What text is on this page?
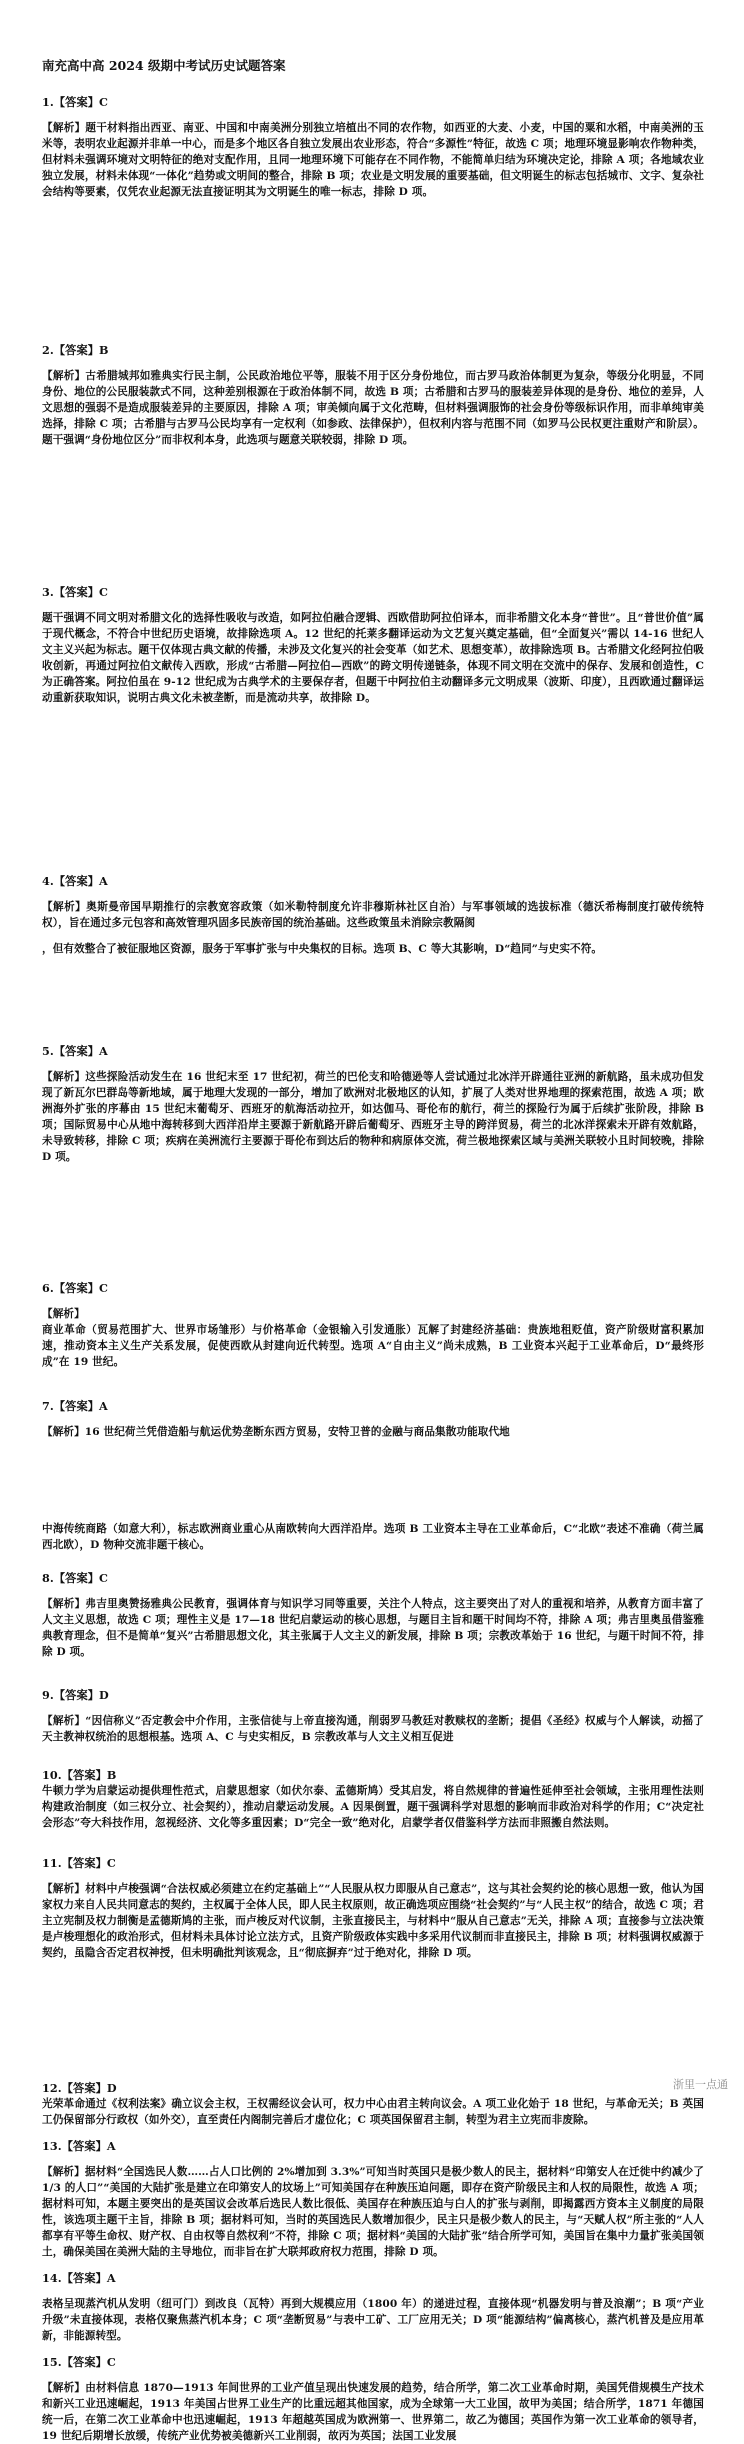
南充高中高 2024 级期中考试历史试题答案
1.【答案】C
【解析】题干材料指出西亚、南亚、中国和中南美洲分别独立培植出不同的农作物，如西亚的大麦、小麦，中国的粟和水稻，中南美洲的玉米等，表明农业起源并非单一中心，而是多个地区各自独立发展出农业形态，符合“多源性”特征，故选 C 项；地理环境显影响农作物种类，但材料未强调环境对文明特征的绝对支配作用，且同一地理环境下可能存在不同作物，不能简单归结为环境决定论，排除 A 项；各地域农业独立发展，材料未体现“一体化”趋势或文明间的整合，排除 B 项；农业是文明发展的重要基础，但文明诞生的标志包括城市、文字、复杂社会结构等要素，仅凭农业起源无法直接证明其为文明诞生的唯一标志，排除 D 项。
2.【答案】B
【解析】古希腊城邦如雅典实行民主制，公民政治地位平等，服装不用于区分身份地位，而古罗马政治体制更为复杂，等级分化明显，不同身份、地位的公民服装款式不同，这种差别根源在于政治体制不同，故选 B 项；古希腊和古罗马的服装差异体现的是身份、地位的差异，人文思想的强弱不是造成服装差异的主要原因，排除 A 项；审美倾向属于文化范畴，但材料强调服饰的社会身份等级标识作用，而非单纯审美选择，排除 C 项；古希腊与古罗马公民均享有一定权利（如参政、法律保护），但权利内容与范围不同（如罗马公民权更注重财产和阶层）。题干强调“身份地位区分”而非权利本身，此选项与题意关联较弱，排除 D 项。
3.【答案】C
题干强调不同文明对希腊文化的选择性吸收与改造，如阿拉伯融合逻辑、西欧借助阿拉伯译本，而非希腊文化本身“普世”。且“普世价值”属于现代概念，不符合中世纪历史语境，故排除选项 A。12 世纪的托莱多翻译运动为文艺复兴奠定基础，但“全面复兴”需以 14-16 世纪人文主义兴起为标志。题干仅体现古典文献的传播，未涉及文化复兴的社会变革（如艺术、思想变革），故排除选项 B。古希腊文化经阿拉伯吸收创新，再通过阿拉伯文献传入西欧，形成“古希腊—阿拉伯—西欧”的跨文明传递链条，体现不同文明在交流中的保存、发展和创造性，C 为正确答案。阿拉伯虽在 9-12 世纪成为古典学术的主要保存者，但题干中阿拉伯主动翻译多元文明成果（波斯、印度），且西欧通过翻译运动重新获取知识，说明古典文化未被垄断，而是流动共享，故排除 D。
4.【答案】A
【解析】奥斯曼帝国早期推行的宗教宽容政策（如米勒特制度允许非穆斯林社区自治）与军事领域的选拔标准（德沃希梅制度打破传统特权），旨在通过多元包容和高效管理巩固多民族帝国的统治基础。这些政策虽未消除宗教隔阂
，但有效整合了被征服地区资源，服务于军事扩张与中央集权的目标。选项 B、C 等大其影响，D“趋同”与史实不符。
5.【答案】A
【解析】这些探险活动发生在 16 世纪末至 17 世纪初，荷兰的巴伦支和哈德逊等人尝试通过北冰洋开辟通往亚洲的新航路，虽未成功但发现了新瓦尔巴群岛等新地域，属于地理大发现的一部分，增加了欧洲对北极地区的认知，扩展了人类对世界地理的探索范围，故选 A 项；欧洲海外扩张的序幕由 15 世纪末葡萄牙、西班牙的航海活动拉开，如达伽马、哥伦布的航行，荷兰的探险行为属于后续扩张阶段，排除 B 项；国际贸易中心从地中海转移到大西洋沿岸主要源于新航路开辟后葡萄牙、西班牙主导的跨洋贸易，荷兰的北冰洋探索未开辟有效航路，未导致转移，排除 C 项；疾病在美洲流行主要源于哥伦布到达后的物种和病原体交流，荷兰极地探索区域与美洲关联较小且时间较晚，排除 D 项。
6.【答案】C
【解析】
商业革命（贸易范围扩大、世界市场雏形）与价格革命（金银输入引发通胀）瓦解了封建经济基础：贵族地租贬值，资产阶级财富积累加速，推动资本主义生产关系发展，促使西欧从封建向近代转型。选项 A“自由主义”尚未成熟，B 工业资本兴起于工业革命后，D“最终形成”在 19 世纪。
7.【答案】A
【解析】16 世纪荷兰凭借造船与航运优势垄断东西方贸易，安特卫普的金融与商品集散功能取代地
中海传统商路（如意大利），标志欧洲商业重心从南欧转向大西洋沿岸。选项 B 工业资本主导在工业革命后，C“北欧”表述不准确（荷兰属西北欧），D 物种交流非题干核心。
8.【答案】C
【解析】弗吉里奥赞扬雅典公民教育，强调体育与知识学习同等重要，关注个人特点，这主要突出了对人的重视和培养，从教育方面丰富了人文主义思想，故选 C 项；理性主义是 17—18 世纪启蒙运动的核心思想，与题目主旨和题干时间均不符，排除 A 项；弗吉里奥虽借鉴雅典教育理念，但不是简单“复兴”古希腊思想文化，其主张属于人文主义的新发展，排除 B 项；宗教改革始于 16 世纪，与题干时间不符，排除 D 项。
9.【答案】D
【解析】“因信称义”否定教会中介作用，主张信徒与上帝直接沟通，削弱罗马教廷对教赎权的垄断；提倡《圣经》权威与个人解读，动摇了天主教神权统治的思想根基。选项 A、C 与史实相反，B 宗教改革与人文主义相互促进
10.【答案】B
牛顿力学为启蒙运动提供理性范式，启蒙思想家（如伏尔泰、孟德斯鸠）受其启发，将自然规律的普遍性延伸至社会领域，主张用理性法则构建政治制度（如三权分立、社会契约），推动启蒙运动发展。A 因果倒置，题干强调科学对思想的影响而非政治对科学的作用；C“决定社会形态”夸大科技作用，忽视经济、文化等多重因素；D“完全一致”绝对化，启蒙学者仅借鉴科学方法而非照搬自然法则。
11.【答案】C
【解析】材料中卢梭强调“合法权威必须建立在约定基础上”“人民服从权力即服从自己意志”，这与其社会契约论的核心思想一致，他认为国家权力来自人民共同意志的契约，主权属于全体人民，即人民主权原则，故正确选项应围绕“社会契约”与“人民主权”的结合，故选 C 项；君主立宪制及权力制衡是孟德斯鸠的主张，而卢梭反对代议制，主张直接民主，与材料中“服从自己意志”无关，排除 A 项；直接参与立法决策是卢梭理想化的政治形式，但材料未具体讨论立法方式，且资产阶级政体实践中多采用代议制而非直接民主，排除 B 项；材料强调权威源于契约，虽隐含否定君权神授，但未明确批判该观念，且“彻底摒弃”过于绝对化，排除 D 项。
12.【答案】D
光荣革命通过《权利法案》确立议会主权，王权需经议会认可，权力中心由君主转向议会。A 项工业化始于 18 世纪，与革命无关；B 英国工仍保留部分行政权（如外交），直至责任内阁制完善后才虚位化；C 项英国保留君主制，转型为君主立宪而非废除。
13.【答案】A
【解析】据材料“全国选民人数……占人口比例的 2%增加到 3.3%”可知当时英国只是极少数人的民主，据材料“印第安人在迁徙中约减少了 1/3 的人口”“美国的大陆扩张是建立在印第安人的坟场上”可知美国存在种族压迫问题，即存在资产阶级民主和人权的局限性，故选 A 项；据材料可知，本题主要突出的是英国议会改革后选民人数比很低、美国存在种族压迫与白人的扩张与剥削，即揭露西方资本主义制度的局限性，该选项主题干主旨，排除 B 项；据材料可知，当时的英国选民人数增加很少，民主只是极少数人的民主，与“天赋人权”所主张的“人人都享有平等生命权、财产权、自由权等自然权利”不符，排除 C 项；据材料“美国的大陆扩张”结合所学可知，美国旨在集中力量扩张美国领土，确保美国在美洲大陆的主导地位，而非旨在扩大联邦政府权力范围，排除 D 项。
14.【答案】A
表格呈现蒸汽机从发明（纽可门）到改良（瓦特）再到大规模应用（1800 年）的递进过程，直接体现“机器发明与普及浪潮”；B 项“产业升级”未直接体现，表格仅聚焦蒸汽机本身；C 项“垄断贸易”与表中工矿、工厂应用无关；D 项“能源结构”偏离核心，蒸汽机普及是应用革新，非能源转型。
15.【答案】C
【解析】由材料信息 1870—1913 年间世界的工业产值呈现出快速发展的趋势，结合所学，第二次工业革命时期，美国凭借规模生产技术和新兴工业迅速崛起，1913 年美国占世界工业生产的比重远超其他国家，成为全球第一大工业国，故甲为美国；结合所学，1871 年德国统一后，在第二次工业革命中也迅速崛起，1913 年超越英国成为欧洲第一、世界第二，故乙为德国；英国作为第一次工业革命的领导者，19 世纪后期增长放缓，传统产业优势被美德新兴工业削弱，故丙为英国；法国工业发展
浙里一点通
